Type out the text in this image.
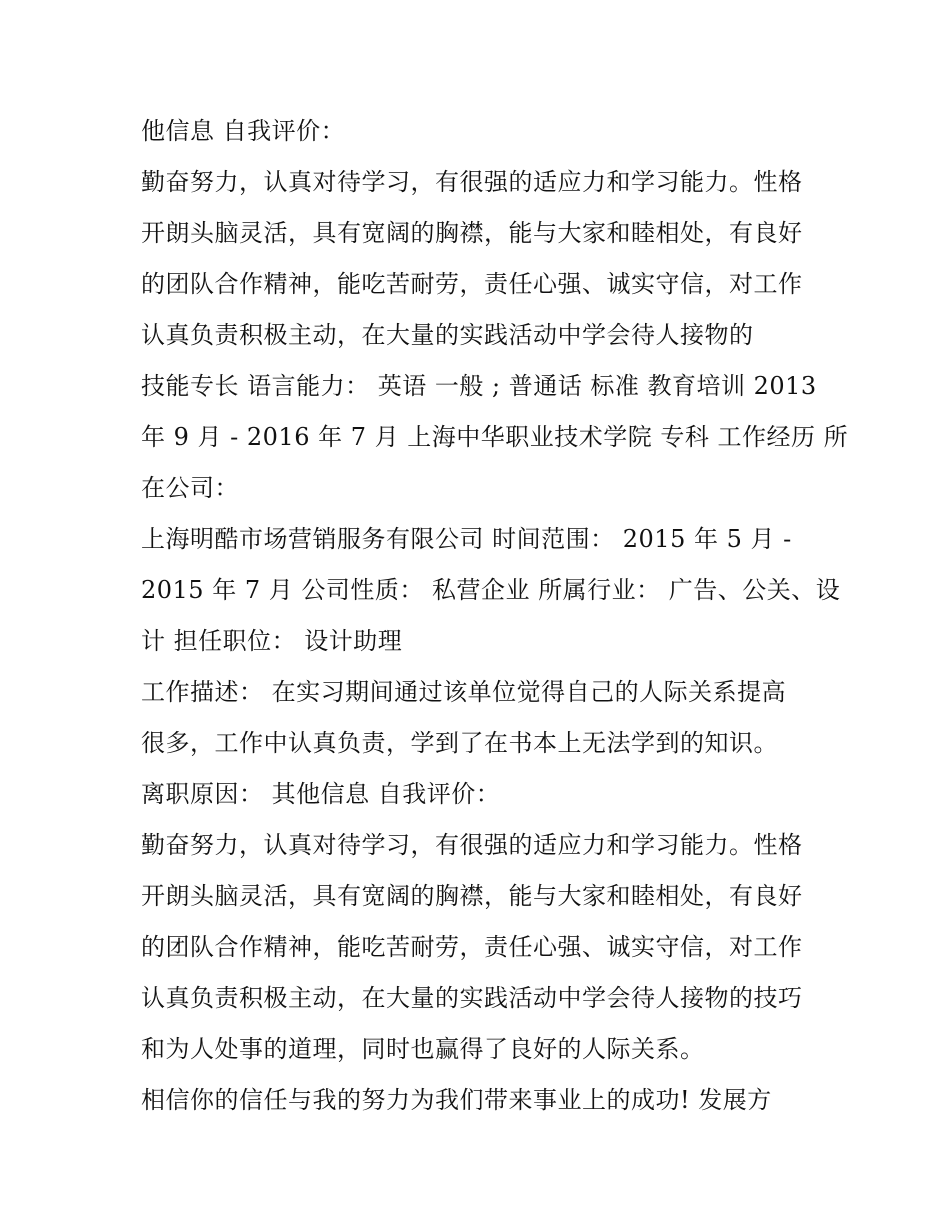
他信息 自我评价：
勤奋努力，认真对待学习，有很强的适应力和学习能力。性格
开朗头脑灵活，具有宽阔的胸襟，能与大家和睦相处，有良好
的团队合作精神，能吃苦耐劳，责任心强、诚实守信，对工作
认真负责积极主动，在大量的实践活动中学会待人接物的
技能专长 语言能力： 英语 一般 ; 普通话 标准 教育培训 2013
年 9 月 - 2016 年 7 月 上海中华职业技术学院 专科 工作经历 所
在公司：
上海明酷市场营销服务有限公司 时间范围： 2015 年 5 月 -
2015 年 7 月 公司性质： 私营企业 所属行业： 广告、公关、设
计 担任职位： 设计助理
工作描述： 在实习期间通过该单位觉得自己的人际关系提高
很多，工作中认真负责，学到了在书本上无法学到的知识。
离职原因： 其他信息 自我评价：
勤奋努力，认真对待学习，有很强的适应力和学习能力。性格
开朗头脑灵活，具有宽阔的胸襟，能与大家和睦相处，有良好
的团队合作精神，能吃苦耐劳，责任心强、诚实守信，对工作
认真负责积极主动，在大量的实践活动中学会待人接物的技巧
和为人处事的道理，同时也赢得了良好的人际关系。
相信你的信任与我的努力为我们带来事业上的成功! 发展方
